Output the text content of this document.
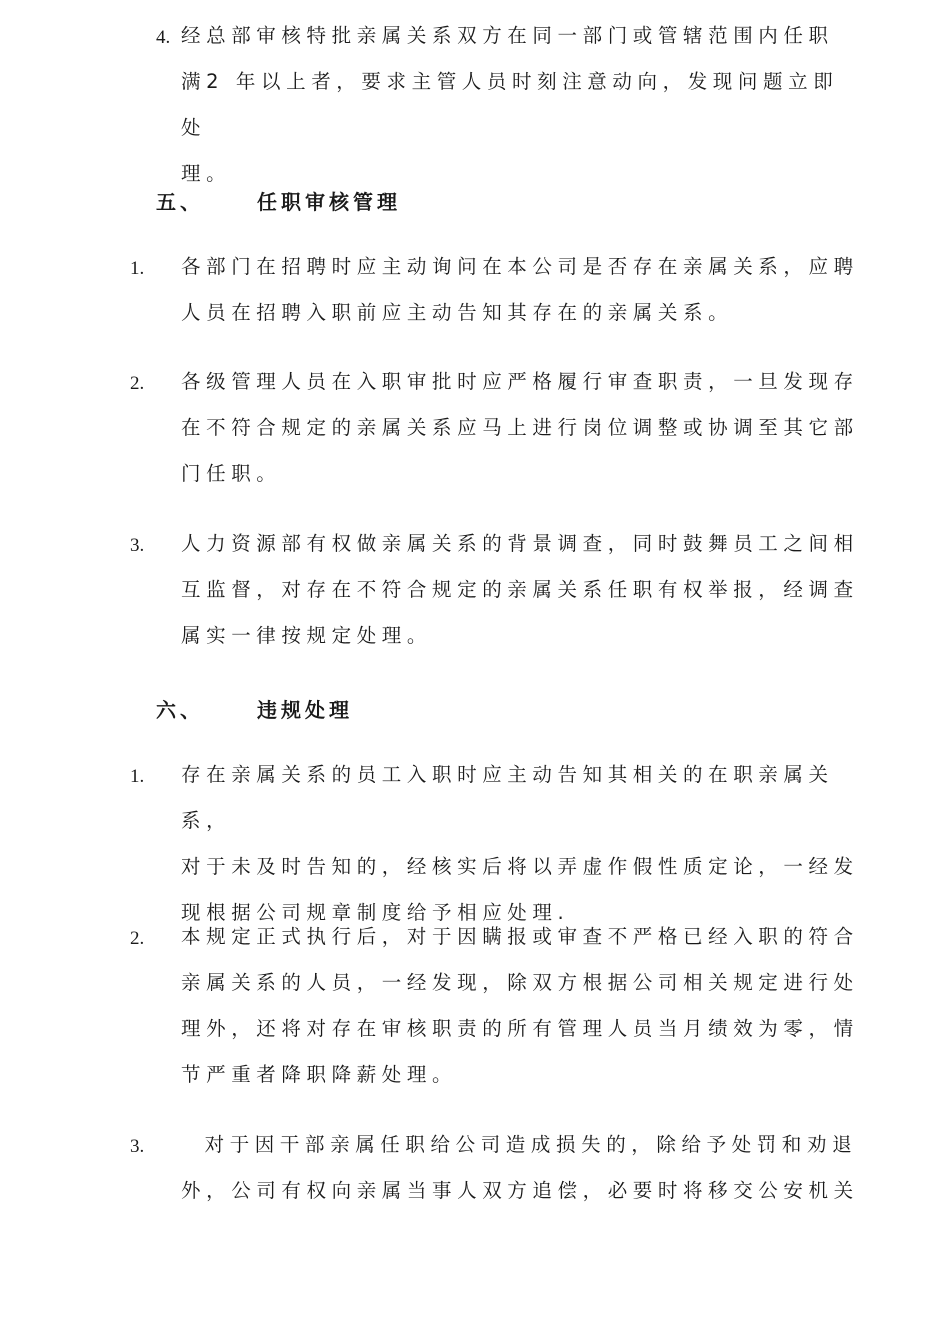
4. 经总部审核特批亲属关系双方在同一部门或管辖范围内任职
满2 年以上者，要求主管人员时刻注意动向，发现问题立即处
理。
五、	任职审核管理
1. 各部门在招聘时应主动询问在本公司是否存在亲属关系，应聘
人员在招聘入职前应主动告知其存在的亲属关系。
2. 各级管理人员在入职审批时应严格履行审查职责，一旦发现存
在不符合规定的亲属关系应马上进行岗位调整或协调至其它部
门任职。
3. 人力资源部有权做亲属关系的背景调查，同时鼓舞员工之间相
互监督，对存在不符合规定的亲属关系任职有权举报，经调查
属实一律按规定处理。
六、	违规处理
1. 存在亲属关系的员工入职时应主动告知其相关的在职亲属关系，
对于未及时告知的，经核实后将以弄虚作假性质定论，一经发
现根据公司规章制度给予相应处理.
2. 本规定正式执行后，对于因瞒报或审查不严格已经入职的符合
亲属关系的人员，一经发现，除双方根据公司相关规定进行处
理外，还将对存在审核职责的所有管理人员当月绩效为零，情
节严重者降职降薪处理。
3. 对于因干部亲属任职给公司造成损失的，除给予处罚和劝退
外，公司有权向亲属当事人双方追偿，必要时将移交公安机关
